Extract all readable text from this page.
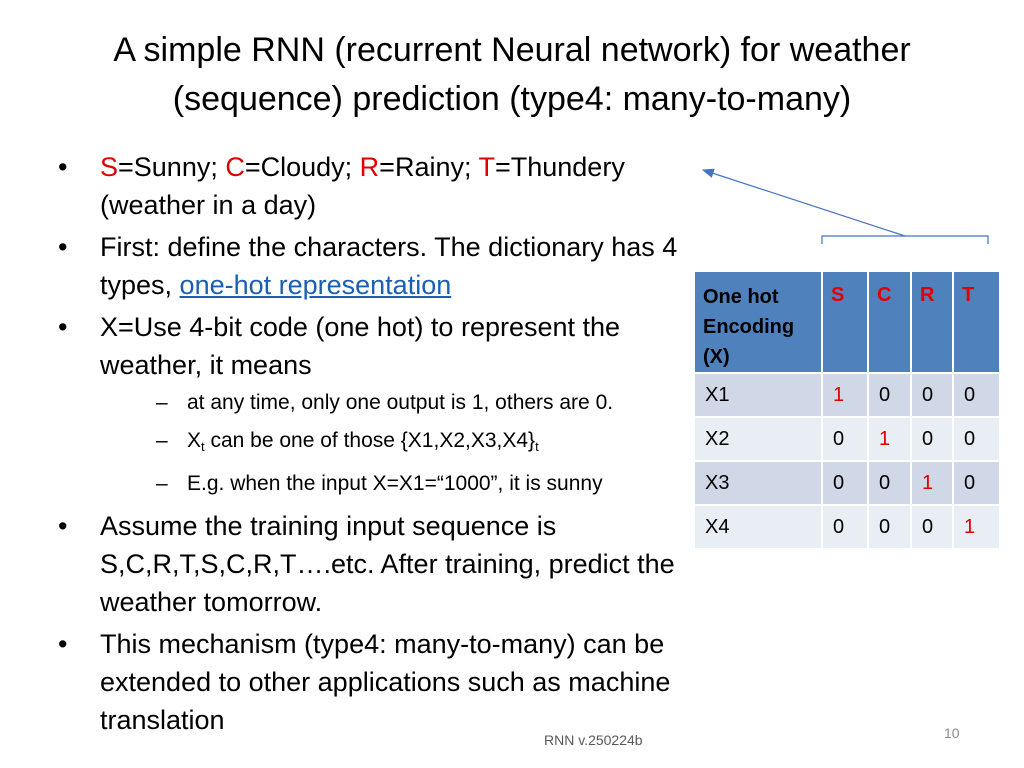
A simple RNN (recurrent Neural network) for weather
(sequence) prediction (type4: many-to-many)
• S=Sunny; C=Cloudy; R=Rainy; T=Thundery
(weather in a day)
• First: define the characters. The dictionary has 4 types, one-hot representation
• X=Use 4-bit code (one hot) to represent the weather, it means
– at any time, only one output is 1, others are 0.
– $X_t$ can be one of those $\{X1,X2,X3,X4\}_t$
– E.g. when the input X=X1=“1000”, it is sunny
• Assume the training input sequence is S,C,R,T,S,C,R,T….etc. After training, predict the weather tomorrow.
• This mechanism (type4: many-to-many) can be extended to other applications such as machine translation
One hot
Encoding
(X)	S	C	R	T
X1	1	0	0	0
X2	0	1	0	0
X3	0	0	1	0
X4	0	0	0	1
RNN v.250224b	10
